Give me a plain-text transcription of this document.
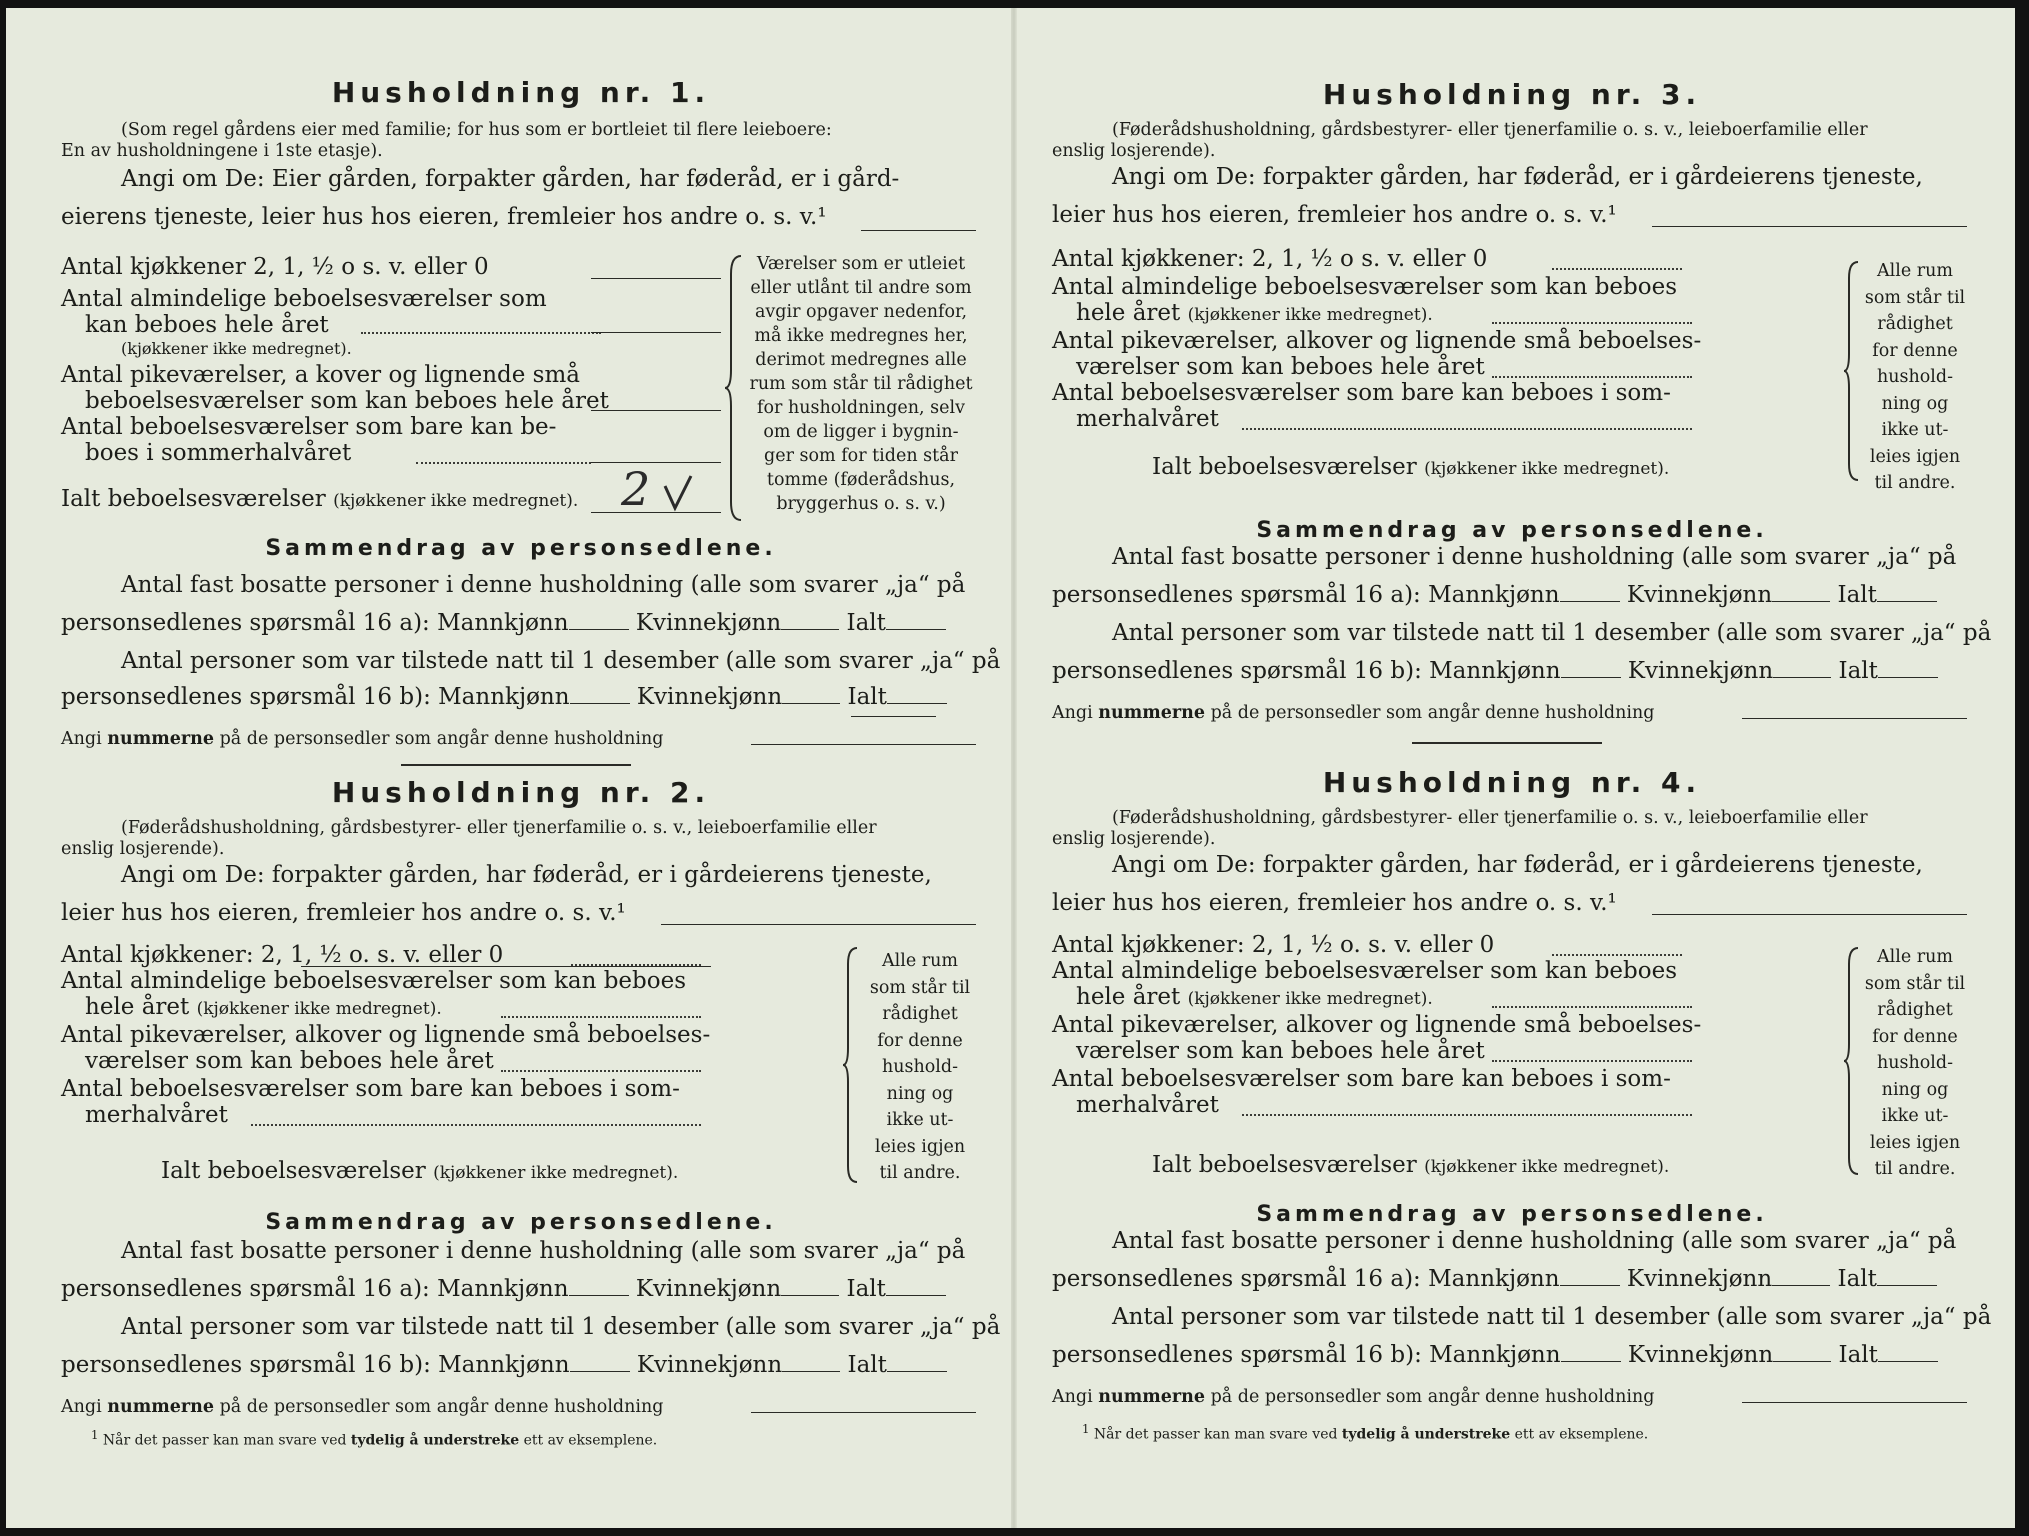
Husholdning nr. 1.
(Som regel gårdens eier med familie; for hus som er bortleiet til flere leieboere:
En av husholdningene i 1ste etasje).
Angi om De: Eier gården, forpakter gården, har føderåd, er i gård-
eierens tjeneste, leier hus hos eieren, fremleier hos andre o. s. v.¹
Antal kjøkkener 2, 1, ½ o s. v. eller 0
Antal almindelige beboelsesværelser som
kan beboes hele året
(kjøkkener ikke medregnet).
Antal pikeværelser, a kover og lignende små
beboelsesværelser som kan beboes hele året
Antal beboelsesværelser som bare kan be-
boes i sommerhalvåret
Ialt beboelsesværelser (kjøkkener ikke medregnet). 2
Værelser som er utleiet
eller utlånt til andre som
avgir opgaver nedenfor,
må ikke medregnes her,
derimot medregnes alle
rum som står til rådighet
for husholdningen, selv
om de ligger i bygnin-
ger som for tiden står
tomme (føderådshus,
bryggerhus o. s. v.)
Sammendrag av personsedlene.
Antal fast bosatte personer i denne husholdning (alle som svarer „ja“ på
personsedlenes spørsmål 16 a): Mannkjønn	Kvinnekjønn	Ialt
Antal personer som var tilstede natt til 1 desember (alle som svarer „ja“ på
personsedlenes spørsmål 16 b): Mannkjønn	Kvinnekjønn	Ialt
Angi nummerne på de personsedler som angår denne husholdning
Husholdning nr. 2.
(Føderådshusholdning, gårdsbestyrer- eller tjenerfamilie o. s. v., leieboerfamilie eller
enslig losjerende).
Angi om De: forpakter gården, har føderåd, er i gårdeierens tjeneste,
leier hus hos eieren, fremleier hos andre o. s. v.¹
Antal kjøkkener: 2, 1, ½ o. s. v. eller 0
Antal almindelige beboelsesværelser som kan beboes
hele året (kjøkkener ikke medregnet).
Antal pikeværelser, alkover og lignende små beboelses-
værelser som kan beboes hele året
Antal beboelsesværelser som bare kan beboes i som-
merhalvåret
Ialt beboelsesværelser (kjøkkener ikke medregnet).
Alle rum
som står til
rådighet
for denne
hushold-
ning og
ikke ut-
leies igjen
til andre.
Sammendrag av personsedlene.
Antal fast bosatte personer i denne husholdning (alle som svarer „ja“ på
personsedlenes spørsmål 16 a): Mannkjønn	Kvinnekjønn	Ialt
Antal personer som var tilstede natt til 1 desember (alle som svarer „ja“ på
personsedlenes spørsmål 16 b): Mannkjønn	Kvinnekjønn	Ialt
Angi nummerne på de personsedler som angår denne husholdning
$^1$ Når det passer kan man svare ved tydelig å understreke ett av eksemplene.
Husholdning nr. 3.
(Føderådshusholdning, gårdsbestyrer- eller tjenerfamilie o. s. v., leieboerfamilie eller
enslig losjerende).
Angi om De: forpakter gården, har føderåd, er i gårdeierens tjeneste,
leier hus hos eieren, fremleier hos andre o. s. v.¹
Antal kjøkkener: 2, 1, ½ o s. v. eller 0
Antal almindelige beboelsesværelser som kan beboes
hele året (kjøkkener ikke medregnet).
Antal pikeværelser, alkover og lignende små beboelses-
værelser som kan beboes hele året
Antal beboelsesværelser som bare kan beboes i som-
merhalvåret
Ialt beboelsesværelser (kjøkkener ikke medregnet).
Alle rum
som står til
rådighet
for denne
hushold-
ning og
ikke ut-
leies igjen
til andre.
Sammendrag av personsedlene.
Antal fast bosatte personer i denne husholdning (alle som svarer „ja“ på
personsedlenes spørsmål 16 a): Mannkjønn	Kvinnekjønn	Ialt
Antal personer som var tilstede natt til 1 desember (alle som svarer „ja“ på
personsedlenes spørsmål 16 b): Mannkjønn	Kvinnekjønn	Ialt
Angi nummerne på de personsedler som angår denne husholdning
Husholdning nr. 4.
(Føderådshusholdning, gårdsbestyrer- eller tjenerfamilie o. s. v., leieboerfamilie eller
enslig losjerende).
Angi om De: forpakter gården, har føderåd, er i gårdeierens tjeneste,
leier hus hos eieren, fremleier hos andre o. s. v.¹
Antal kjøkkener: 2, 1, ½ o. s. v. eller 0
Antal almindelige beboelsesværelser som kan beboes
hele året (kjøkkener ikke medregnet).
Antal pikeværelser, alkover og lignende små beboelses-
værelser som kan beboes hele året
Antal beboelsesværelser som bare kan beboes i som-
merhalvåret
Ialt beboelsesværelser (kjøkkener ikke medregnet).
Alle rum
som står til
rådighet
for denne
hushold-
ning og
ikke ut-
leies igjen
til andre.
Sammendrag av personsedlene.
Antal fast bosatte personer i denne husholdning (alle som svarer „ja“ på
personsedlenes spørsmål 16 a): Mannkjønn	Kvinnekjønn	Ialt
Antal personer som var tilstede natt til 1 desember (alle som svarer „ja“ på
personsedlenes spørsmål 16 b): Mannkjønn	Kvinnekjønn	Ialt
Angi nummerne på de personsedler som angår denne husholdning
$^1$ Når det passer kan man svare ved tydelig å understreke ett av eksemplene.
